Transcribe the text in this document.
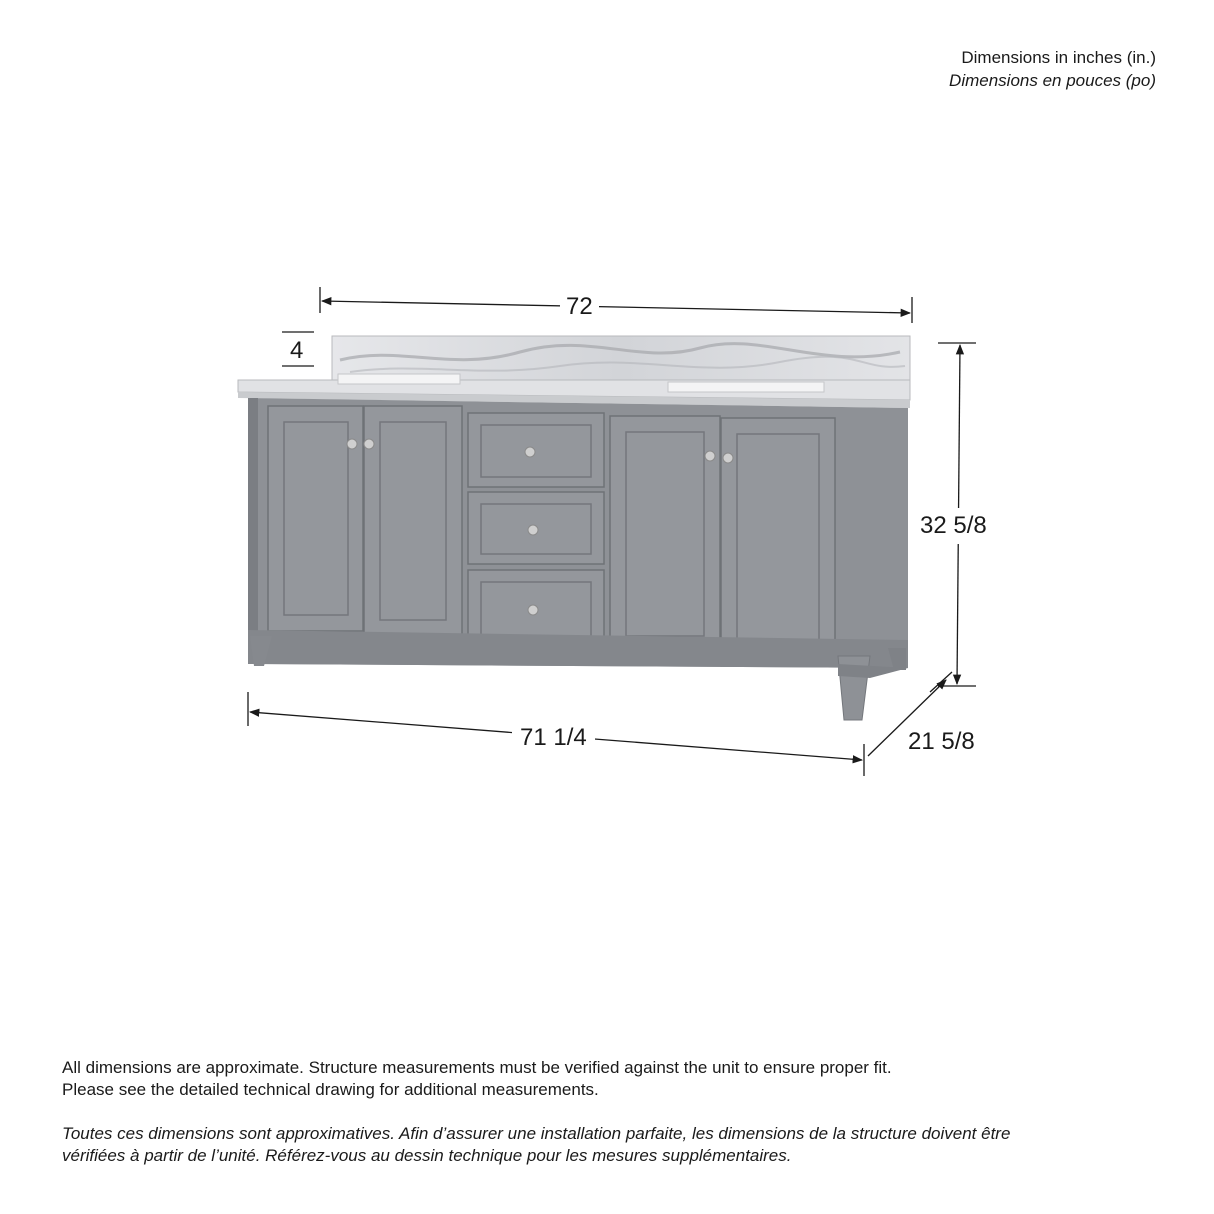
Dimensions in inches (in.)
Dimensions en pouces (po)
72
4
32 5/8
71 1/4	21 5/8

All dimensions are approximate. Structure measurements must be verified against the unit to ensure proper fit.

Please see the detailed technical drawing for additional measurements.

Toutes ces dimensions sont approximatives. Afin d’assurer une installation parfaite, les dimensions de la structure doivent être

vérifiées à partir de l’unité. Référez-vous au dessin technique pour les mesures supplémentaires.
